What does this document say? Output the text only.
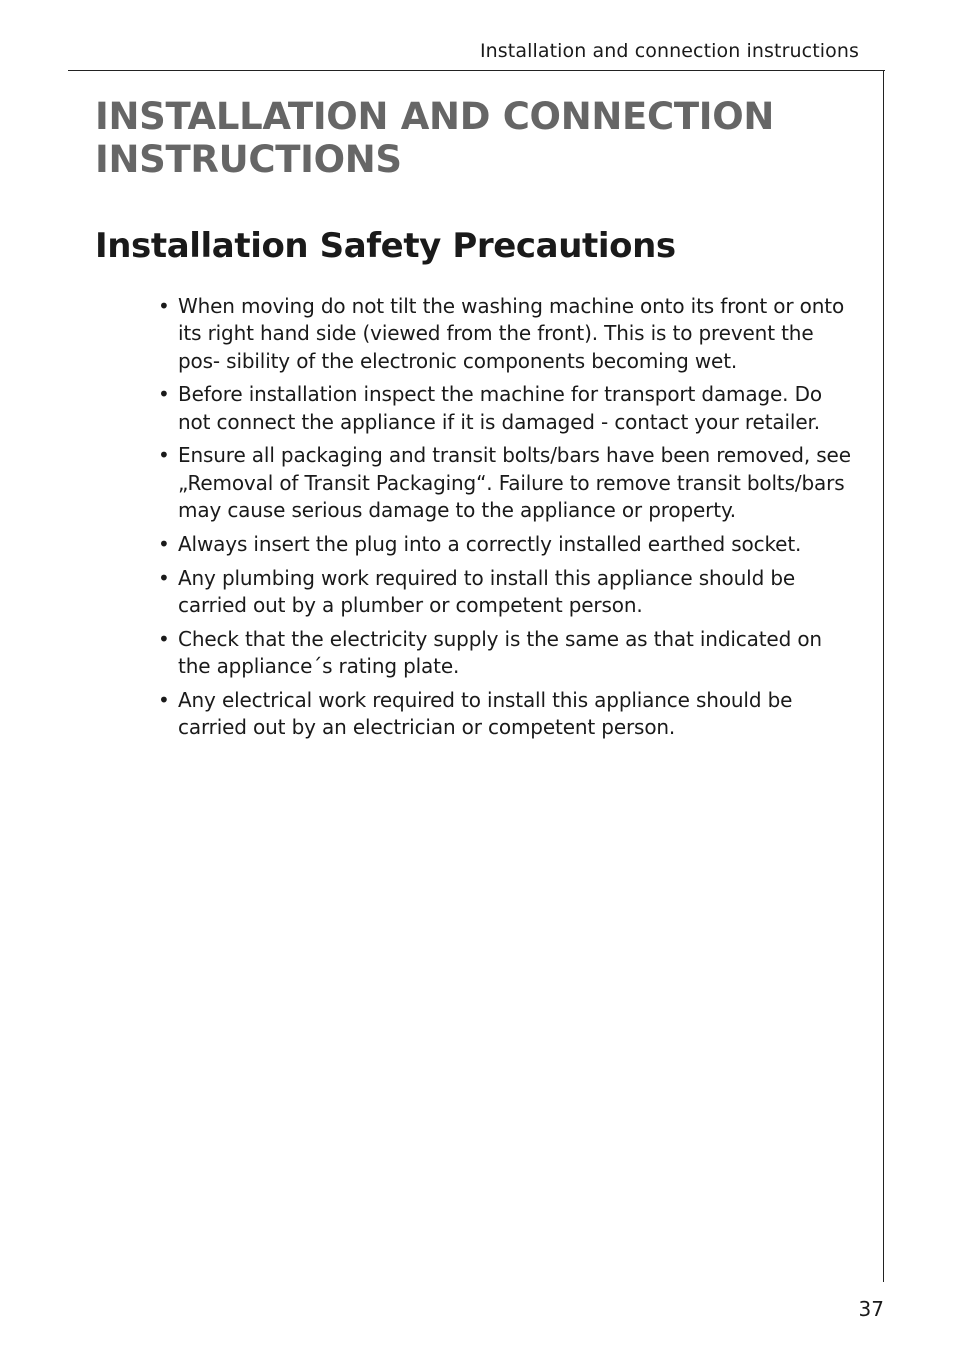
Installation and connection instructions
INSTALLATION AND CONNECTION INSTRUCTIONS
Installation Safety Precautions
• When moving do not tilt the washing machine onto its front or onto its right hand side (viewed from the front). This is to prevent the pos- sibility of the electronic components becoming wet.
• Before installation inspect the machine for transport damage. Do not connect the appliance if it is damaged - contact your retailer.
• Ensure all packaging and transit bolts/bars have been removed, see „Removal of Transit Packaging“. Failure to remove transit bolts/bars may cause serious damage to the appliance or property.
• Always insert the plug into a correctly installed earthed socket.
• Any plumbing work required to install this appliance should be carried out by a plumber or competent person.
• Check that the electricity supply is the same as that indicated on the appliance´s rating plate.
• Any electrical work required to install this appliance should be carried out by an electrician or competent person.
37
